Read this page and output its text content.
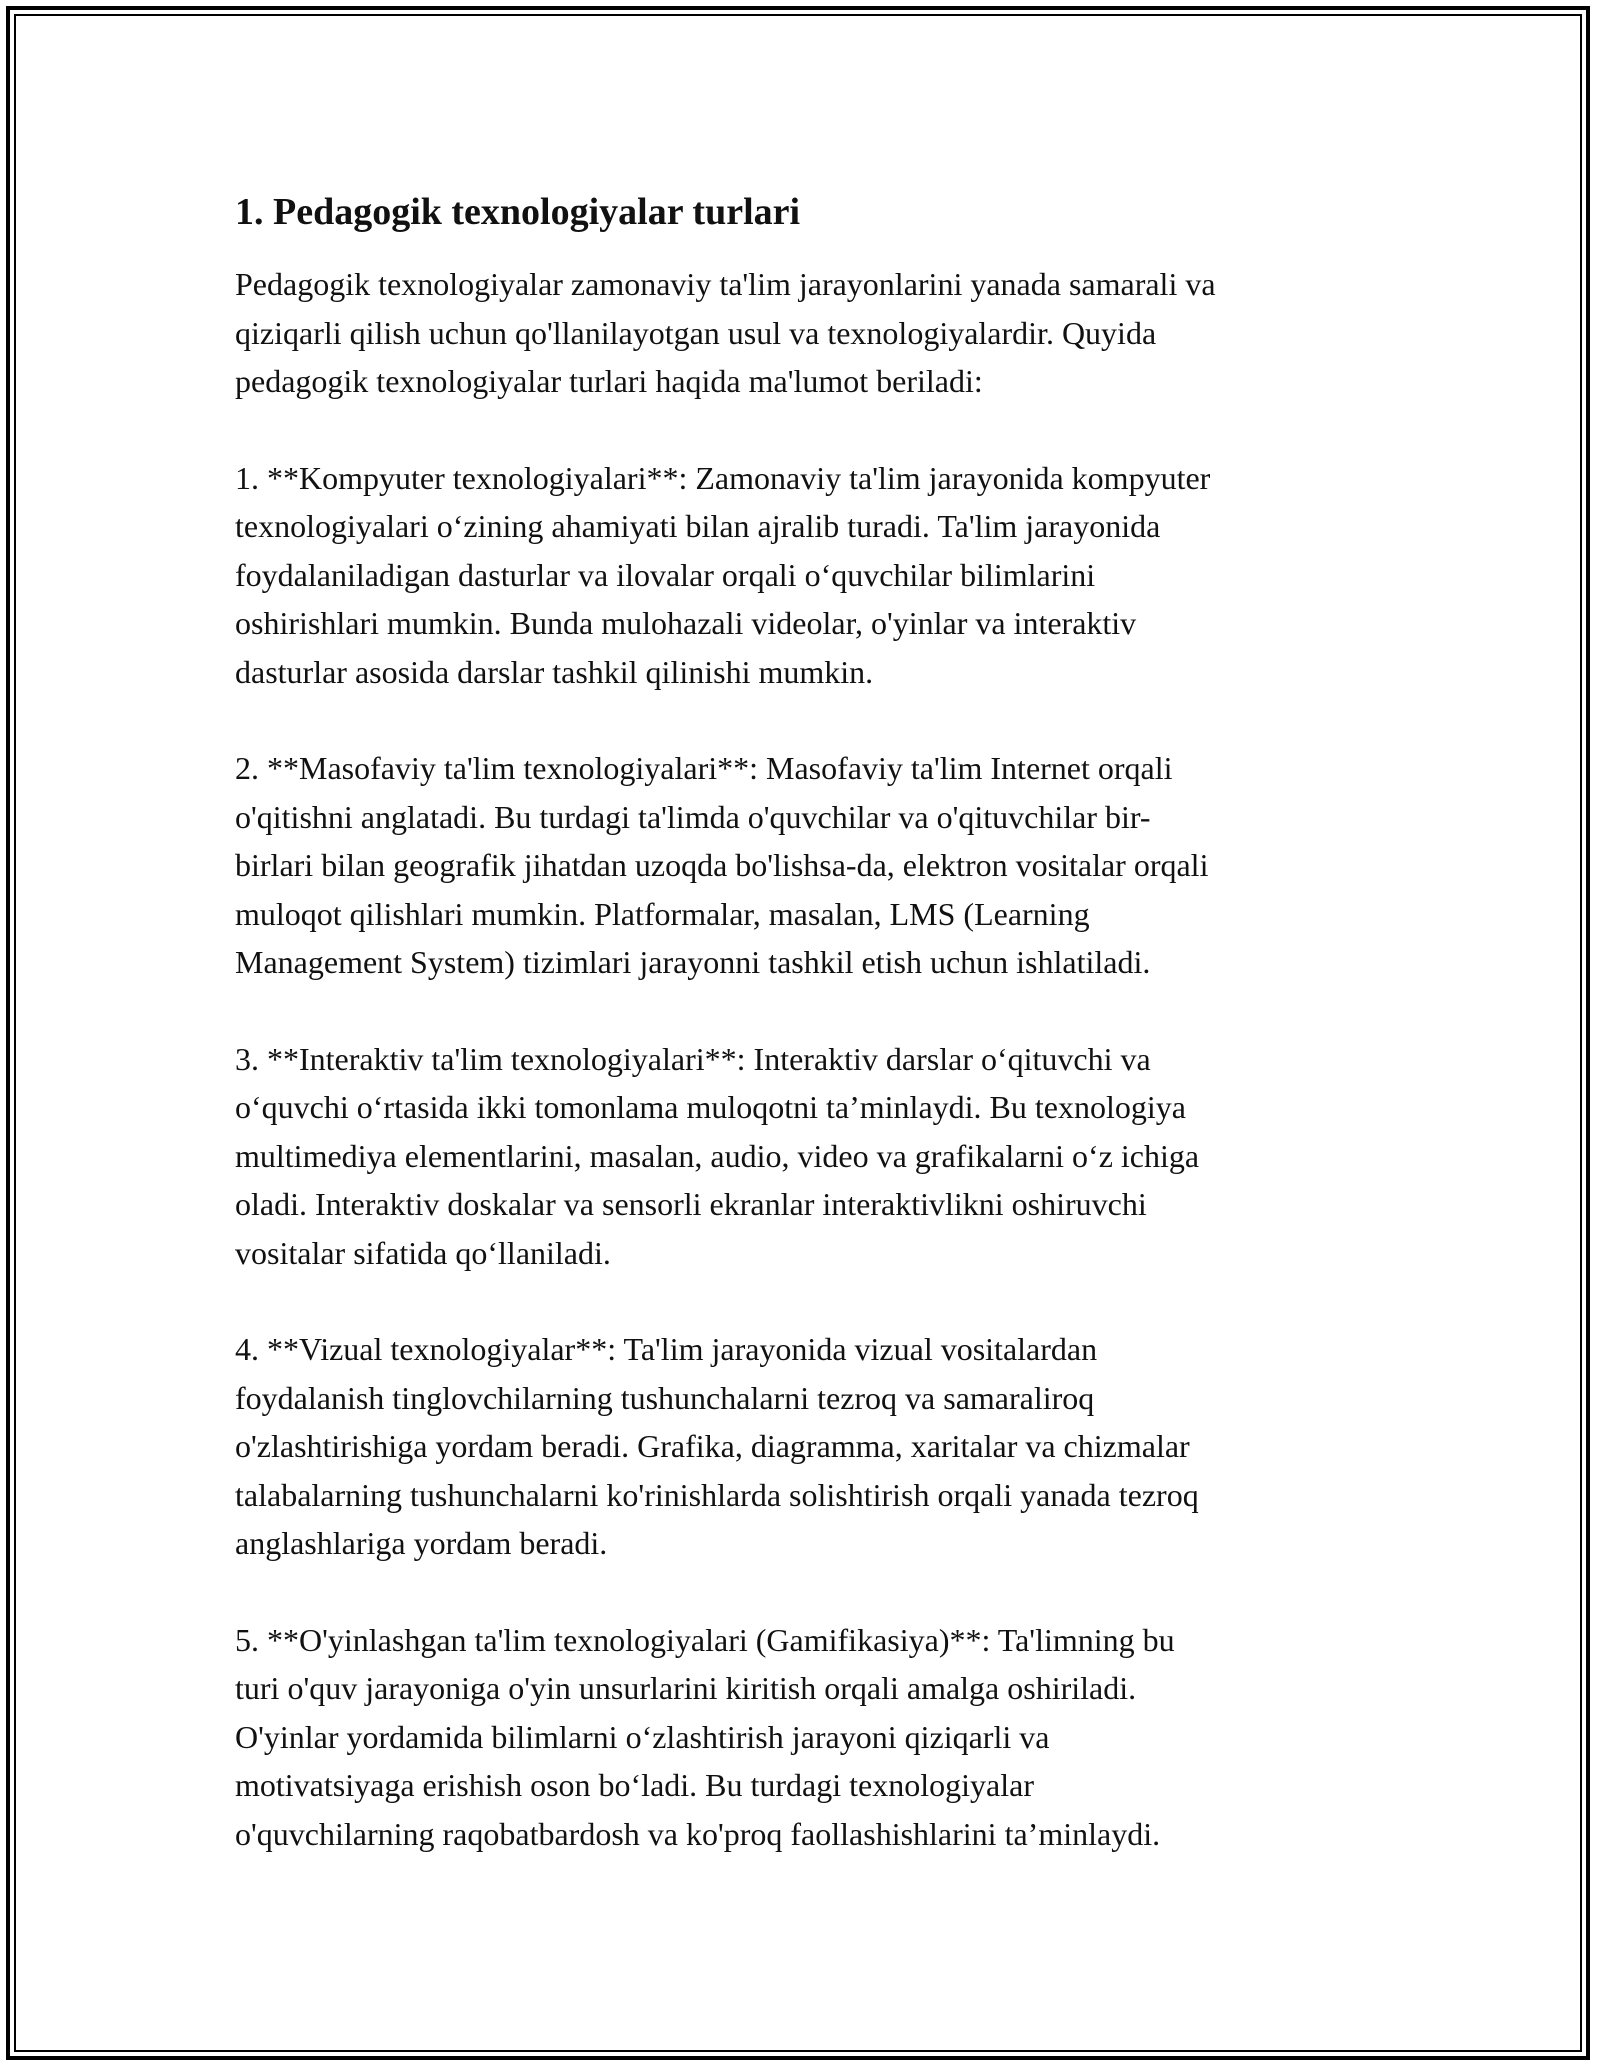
1. Pedagogik texnologiyalar turlari

Pedagogik texnologiyalar zamonaviy ta'lim jarayonlarini yanada samarali va
qiziqarli qilish uchun qo'llanilayotgan usul va texnologiyalardir. Quyida
pedagogik texnologiyalar turlari haqida ma'lumot beriladi:

1. **Kompyuter texnologiyalari**: Zamonaviy ta'lim jarayonida kompyuter
texnologiyalari o‘zining ahamiyati bilan ajralib turadi. Ta'lim jarayonida
foydalaniladigan dasturlar va ilovalar orqali o‘quvchilar bilimlarini
oshirishlari mumkin. Bunda mulohazali videolar, o'yinlar va interaktiv
dasturlar asosida darslar tashkil qilinishi mumkin.

2. **Masofaviy ta'lim texnologiyalari**: Masofaviy ta'lim Internet orqali
o'qitishni anglatadi. Bu turdagi ta'limda o'quvchilar va o'qituvchilar bir-
birlari bilan geografik jihatdan uzoqda bo'lishsa-da, elektron vositalar orqali
muloqot qilishlari mumkin. Platformalar, masalan, LMS (Learning
Management System) tizimlari jarayonni tashkil etish uchun ishlatiladi.

3. **Interaktiv ta'lim texnologiyalari**: Interaktiv darslar o‘qituvchi va
o‘quvchi o‘rtasida ikki tomonlama muloqotni ta’minlaydi. Bu texnologiya
multimediya elementlarini, masalan, audio, video va grafikalarni o‘z ichiga
oladi. Interaktiv doskalar va sensorli ekranlar interaktivlikni oshiruvchi
vositalar sifatida qo‘llaniladi.

4. **Vizual texnologiyalar**: Ta'lim jarayonida vizual vositalardan
foydalanish tinglovchilarning tushunchalarni tezroq va samaraliroq
o'zlashtirishiga yordam beradi. Grafika, diagramma, xaritalar va chizmalar
talabalarning tushunchalarni ko'rinishlarda solishtirish orqali yanada tezroq
anglashlariga yordam beradi.

5. **O'yinlashgan ta'lim texnologiyalari (Gamifikasiya)**: Ta'limning bu
turi o'quv jarayoniga o'yin unsurlarini kiritish orqali amalga oshiriladi.
O'yinlar yordamida bilimlarni o‘zlashtirish jarayoni qiziqarli va
motivatsiyaga erishish oson bo‘ladi. Bu turdagi texnologiyalar
o'quvchilarning raqobatbardosh va ko'proq faollashishlarini ta’minlaydi.
